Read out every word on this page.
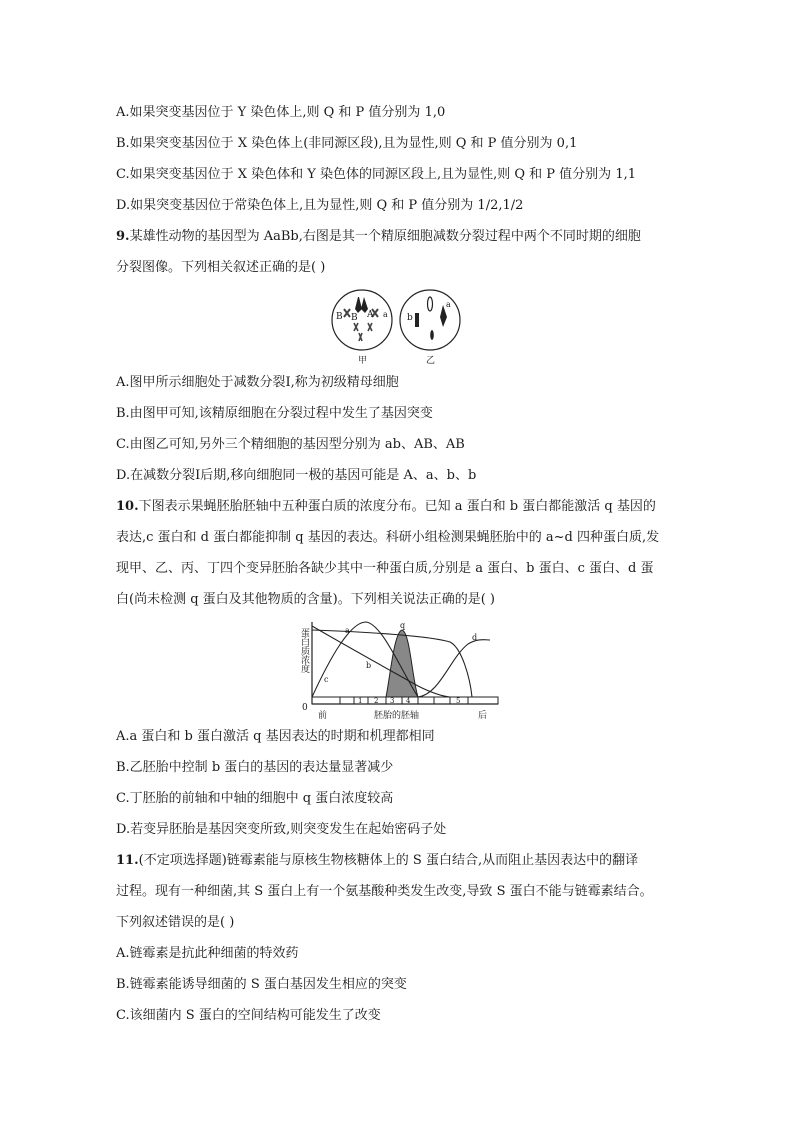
A.如果突变基因位于 Y 染色体上,则 Q 和 P 值分别为 1,0
B.如果突变基因位于 X 染色体上(非同源区段),且为显性,则 Q 和 P 值分别为 0,1
C.如果突变基因位于 X 染色体和 Y 染色体的同源区段上,且为显性,则 Q 和 P 值分别为 1,1
D.如果突变基因位于常染色体上,且为显性,则 Q 和 P 值分别为 1/2,1/2
9.某雄性动物的基因型为 AaBb,右图是其一个精原细胞减数分裂过程中两个不同时期的细胞
分裂图像。下列相关叙述正确的是( )
B B A a
甲
b
a
乙
A.图甲所示细胞处于减数分裂Ⅰ,称为初级精母细胞
B.由图甲可知,该精原细胞在分裂过程中发生了基因突变
C.由图乙可知,另外三个精细胞的基因型分别为 ab、AB、AB
D.在减数分裂Ⅰ后期,移向细胞同一极的基因可能是 A、a、b、b
10.下图表示果蝇胚胎胚轴中五种蛋白质的浓度分布。已知 a 蛋白和 b 蛋白都能激活 q 基因的
表达,c 蛋白和 d 蛋白都能抑制 q 基因的表达。科研小组检测果蝇胚胎中的 a~d 四种蛋白质,发
现甲、乙、丙、丁四个变异胚胎各缺少其中一种蛋白质,分别是 a 蛋白、b 蛋白、c 蛋白、d 蛋
白(尚未检测 q 蛋白及其他物质的含量)。下列相关说法正确的是( )
蛋白质浓度
0
1 2 3 4	5
a
b
c
d
q
前	胚胎的胚轴	后
A.a 蛋白和 b 蛋白激活 q 基因表达的时期和机理都相同
B.乙胚胎中控制 b 蛋白的基因的表达量显著减少
C.丁胚胎的前轴和中轴的细胞中 q 蛋白浓度较高
D.若变异胚胎是基因突变所致,则突变发生在起始密码子处
11.(不定项选择题)链霉素能与原核生物核糖体上的 S 蛋白结合,从而阻止基因表达中的翻译
过程。现有一种细菌,其 S 蛋白上有一个氨基酸种类发生改变,导致 S 蛋白不能与链霉素结合。
下列叙述错误的是( )
A.链霉素是抗此种细菌的特效药
B.链霉素能诱导细菌的 S 蛋白基因发生相应的突变
C.该细菌内 S 蛋白的空间结构可能发生了改变
